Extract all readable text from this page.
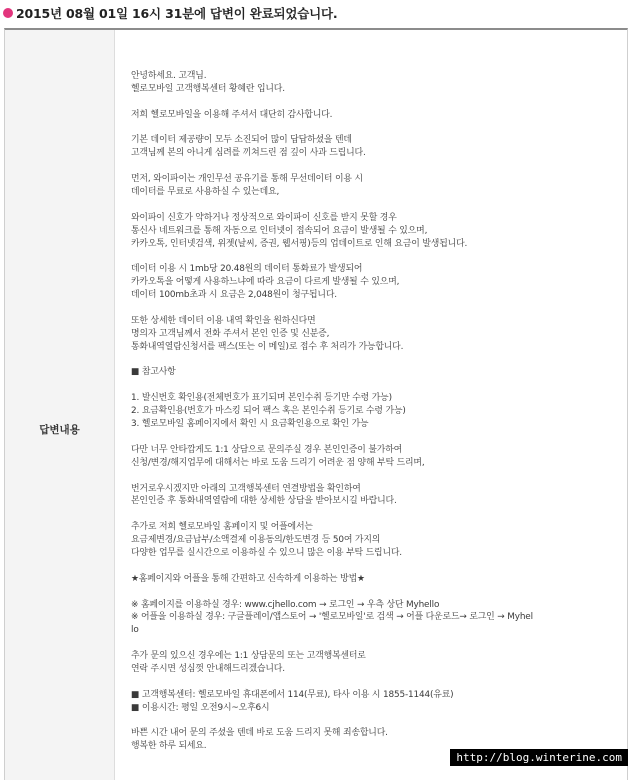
2015년 08월 01일 16시 31분에 답변이 완료되었습니다.
답변내용
안녕하세요. 고객님.
헬로모바일 고객행복센터 황혜란 입니다.
저희 헬로모바일을 이용해 주셔서 대단히 감사합니다.
기본 데이터 제공량이 모두 소진되어 많이 답답하셨을 텐데
고객님께 본의 아니게 심려를 끼쳐드린 점 깊이 사과 드립니다.
먼저, 와이파이는 개인무선 공유기를 통해 무선데이터 이용 시
데이터를 무료로 사용하실 수 있는데요,
와이파이 신호가 약하거나 정상적으로 와이파이 신호를 받지 못할 경우
통신사 네트워크를 통해 자동으로 인터넷이 접속되어 요금이 발생될 수 있으며,
카카오톡, 인터넷검색, 위젯(날씨, 증권, 웹서핑)등의 업데이트로 인해 요금이 발생됩니다.
데이터 이용 시 1mb당 20.48원의 데이터 통화료가 발생되어
카카오톡을 어떻게 사용하느냐에 따라 요금이 다르게 발생될 수 있으며,
데이터 100mb초과 시 요금은 2,048원이 청구됩니다.
또한 상세한 데이터 이용 내역 확인을 원하신다면
명의자 고객님께서 전화 주셔서 본인 인증 및 신분증,
통화내역열람신청서를 팩스(또는 이 메일)로 접수 후 처리가 가능합니다.
■ 참고사항
1. 발신번호 확인용(전체번호가 표기되며 본인수취 등기만 수령 가능)
2. 요금확인용(번호가 마스킹 되어 팩스 혹은 본인수취 등기로 수령 가능)
3. 헬로모바일 홈페이지에서 확인 시 요금확인용으로 확인 가능
다만 너무 안타깝게도 1:1 상담으로 문의주실 경우 본인인증이 불가하여
신청/변경/해지업무에 대해서는 바로 도움 드리기 어려운 점 양해 부탁 드리며,
번거로우시겠지만 아래의 고객행복센터 연결방법을 확인하여
본인인증 후 통화내역열람에 대한 상세한 상담을 받아보시길 바랍니다.
추가로 저희 헬로모바일 홈페이지 및 어플에서는
요금제변경/요금납부/소액결제 이용동의/한도변경 등 50여 가지의
다양한 업무를 실시간으로 이용하실 수 있으니 많은 이용 부탁 드립니다.
★홈페이지와 어플을 통해 간편하고 신속하게 이용하는 방법★
※ 홈페이지를 이용하실 경우: www.cjhello.com → 로그인 → 우측 상단 Myhello
※ 어플을 이용하실 경우: 구글플레이/앱스토어 → '헬로모바일'로 검색 → 어플 다운로드→ 로그인 → Myhel
lo
추가 문의 있으신 경우에는 1:1 상담문의 또는 고객행복센터로
연락 주시면 성심껏 안내해드리겠습니다.
■ 고객행복센터: 헬로모바일 휴대폰에서 114(무료), 타사 이용 시 1855-1144(유료)
■ 이용시간: 평일 오전9시~오후6시
바쁜 시간 내어 문의 주셨을 텐데 바로 도움 드리지 못해 죄송합니다.
행복한 하루 되세요.
http://blog.winterine.com
